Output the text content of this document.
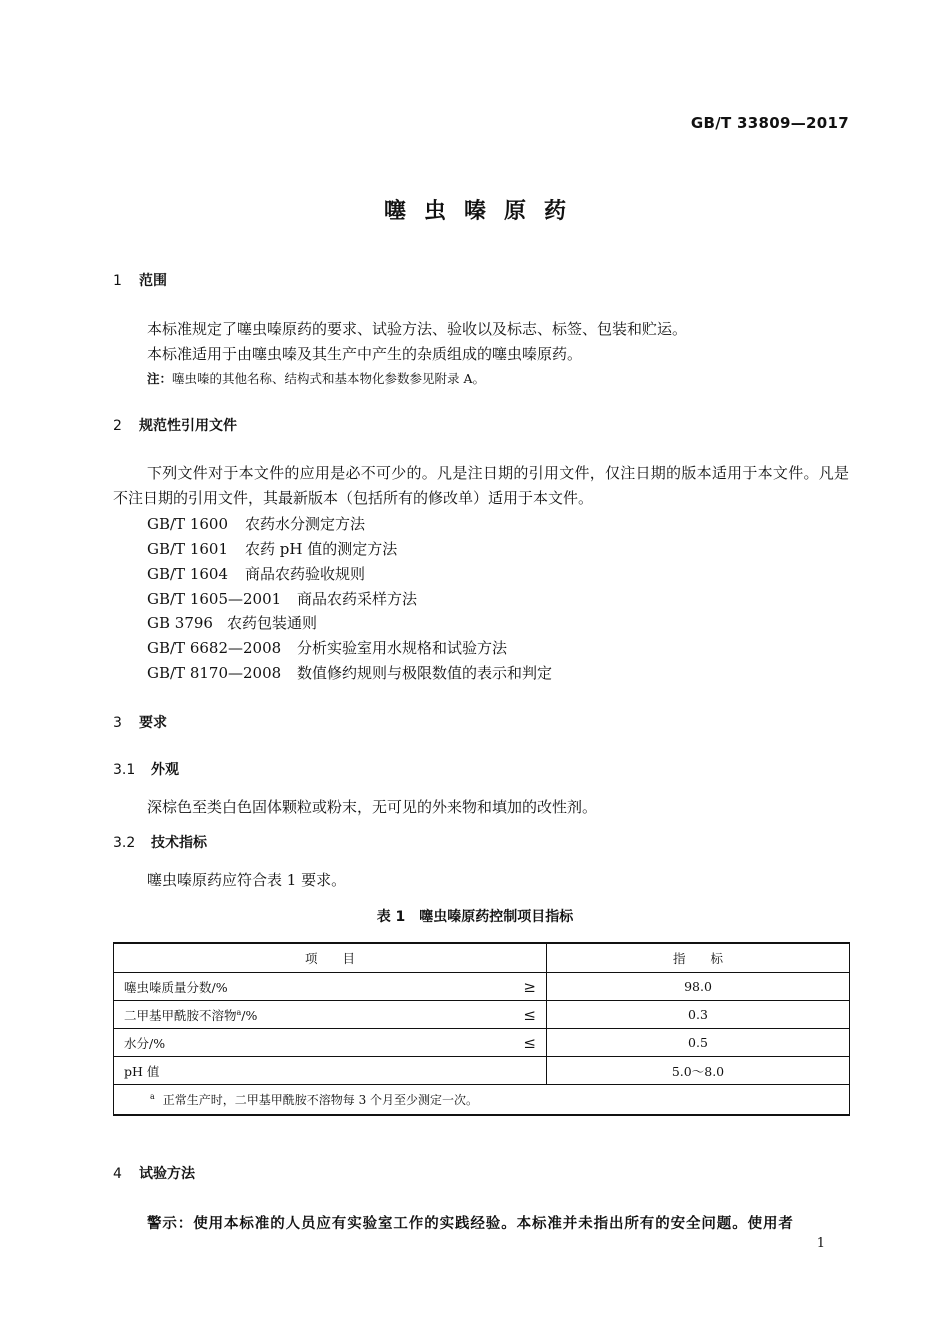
GB/T 33809—2017
噻虫嗪原药
1 范围
本标准规定了噻虫嗪原药的要求、试验方法、验收以及标志、标签、包装和贮运。
本标准适用于由噻虫嗪及其生产中产生的杂质组成的噻虫嗪原药。
注：噻虫嗪的其他名称、结构式和基本物化参数参见附录 A。
2 规范性引用文件
下列文件对于本文件的应用是必不可少的。凡是注日期的引用文件，仅注日期的版本适用于本文件。凡是不注日期的引用文件，其最新版本（包括所有的修改单）适用于本文件。
GB/T 1600 农药水分测定方法
GB/T 1601 农药 pH 值的测定方法
GB/T 1604 商品农药验收规则
GB/T 1605—2001 商品农药采样方法
GB 3796 农药包装通则
GB/T 6682—2008 分析实验室用水规格和试验方法
GB/T 8170—2008 数值修约规则与极限数值的表示和判定
3 要求
3.1 外观
深棕色至类白色固体颗粒或粉末，无可见的外来物和填加的改性剂。
3.2 技术指标
噻虫嗪原药应符合表 1 要求。
表 1　噻虫嗪原药控制项目指标
项　　目	指　　标
噻虫嗪质量分数/% ≥	98.0
二甲基甲酰胺不溶物$^a$/% ≤	0.3
水分/% ≤	0.5
pH 值	5.0～8.0
$^a$ 正常生产时，二甲基甲酰胺不溶物每 3 个月至少测定一次。	
4 试验方法
警示：使用本标准的人员应有实验室工作的实践经验。本标准并未指出所有的安全问题。使用者
1
